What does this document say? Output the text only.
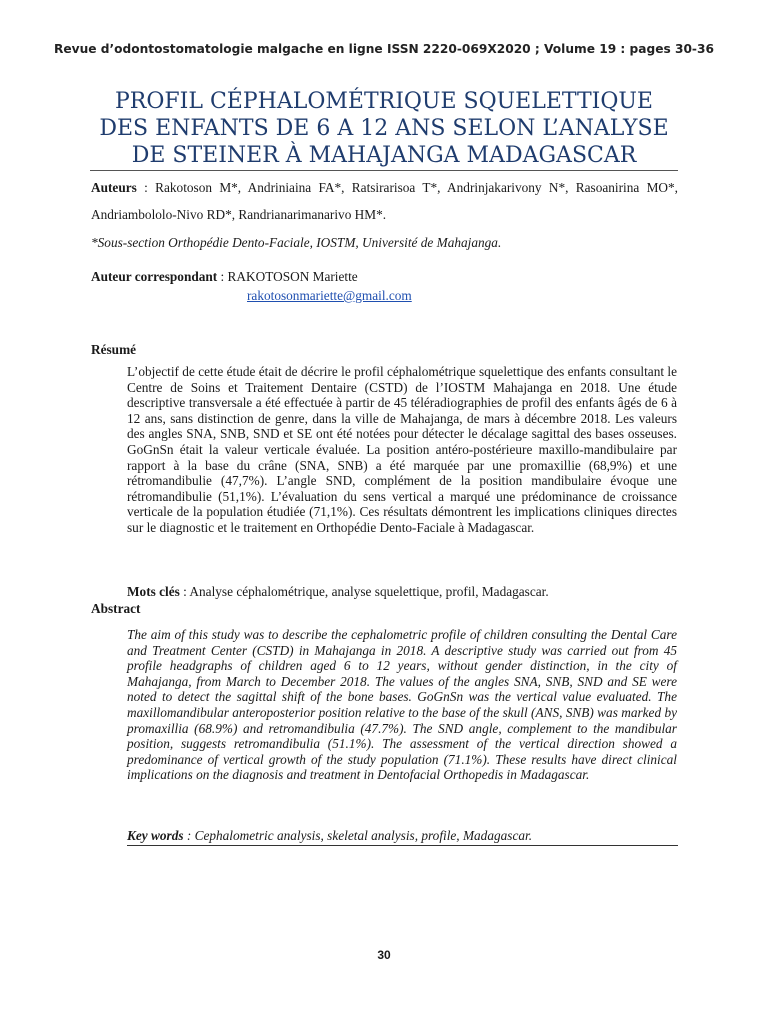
Revue d’odontostomatologie malgache en ligne ISSN 2220-069X2020 ; Volume 19 : pages 30-36
PROFIL CÉPHALOMÉTRIQUE SQUELETTIQUE
DES ENFANTS DE 6 A 12 ANS SELON L’ANALYSE
DE STEINER À MAHAJANGA MADAGASCAR
Auteurs : Rakotoson M*, Andriniaina FA*, Ratsirarisoa T*, Andrinjakarivony N*, Rasoanirina MO*, Andriambololo-Nivo RD*, Randrianarimanarivo HM*.
*Sous-section Orthopédie Dento-Faciale, IOSTM, Université de Mahajanga.
Auteur correspondant : RAKOTOSON Mariette
rakotosonmariette@gmail.com
Résumé
L’objectif de cette étude était de décrire le profil céphalométrique squelettique des enfants consultant le Centre de Soins et Traitement Dentaire (CSTD) de l’IOSTM Mahajanga en 2018. Une étude descriptive transversale a été effectuée à partir de 45 téléradiographies de profil des enfants âgés de 6 à 12 ans, sans distinction de genre, dans la ville de Mahajanga, de mars à décembre 2018. Les valeurs des angles SNA, SNB, SND et SE ont été notées pour détecter le décalage sagittal des bases osseuses. GoGnSn était la valeur verticale évaluée. La position antéro-postérieure maxillo-mandibulaire par rapport à la base du crâne (SNA, SNB) a été marquée par une promaxillie (68,9%) et une rétromandibulie (47,7%). L’angle SND, complément de la position mandibulaire évoque une rétromandibulie (51,1%). L’évaluation du sens vertical a marqué une prédominance de croissance verticale de la population étudiée (71,1%). Ces résultats démontrent les implications cliniques directes sur le diagnostic et le traitement en Orthopédie Dento-Faciale à Madagascar.
Mots clés : Analyse céphalométrique, analyse squelettique, profil, Madagascar.
Abstract
The aim of this study was to describe the cephalometric profile of children consulting the Dental Care and Treatment Center (CSTD) in Mahajanga in 2018. A descriptive study was carried out from 45 profile headgraphs of children aged 6 to 12 years, without gender distinction, in the city of Mahajanga, from March to December 2018. The values of the angles SNA, SNB, SND and SE were noted to detect the sagittal shift of the bone bases. GoGnSn was the vertical value evaluated. The maxillomandibular anteroposterior position relative to the base of the skull (ANS, SNB) was marked by promaxillia (68.9%) and retromandibulia (47.7%). The SND angle, complement to the mandibular position, suggests retromandibulia (51.1%). The assessment of the vertical direction showed a predominance of vertical growth of the study population (71.1%). These results have direct clinical implications on the diagnosis and treatment in Dentofacial Orthopedis in Madagascar.
Key words : Cephalometric analysis, skeletal analysis, profile, Madagascar.
30
